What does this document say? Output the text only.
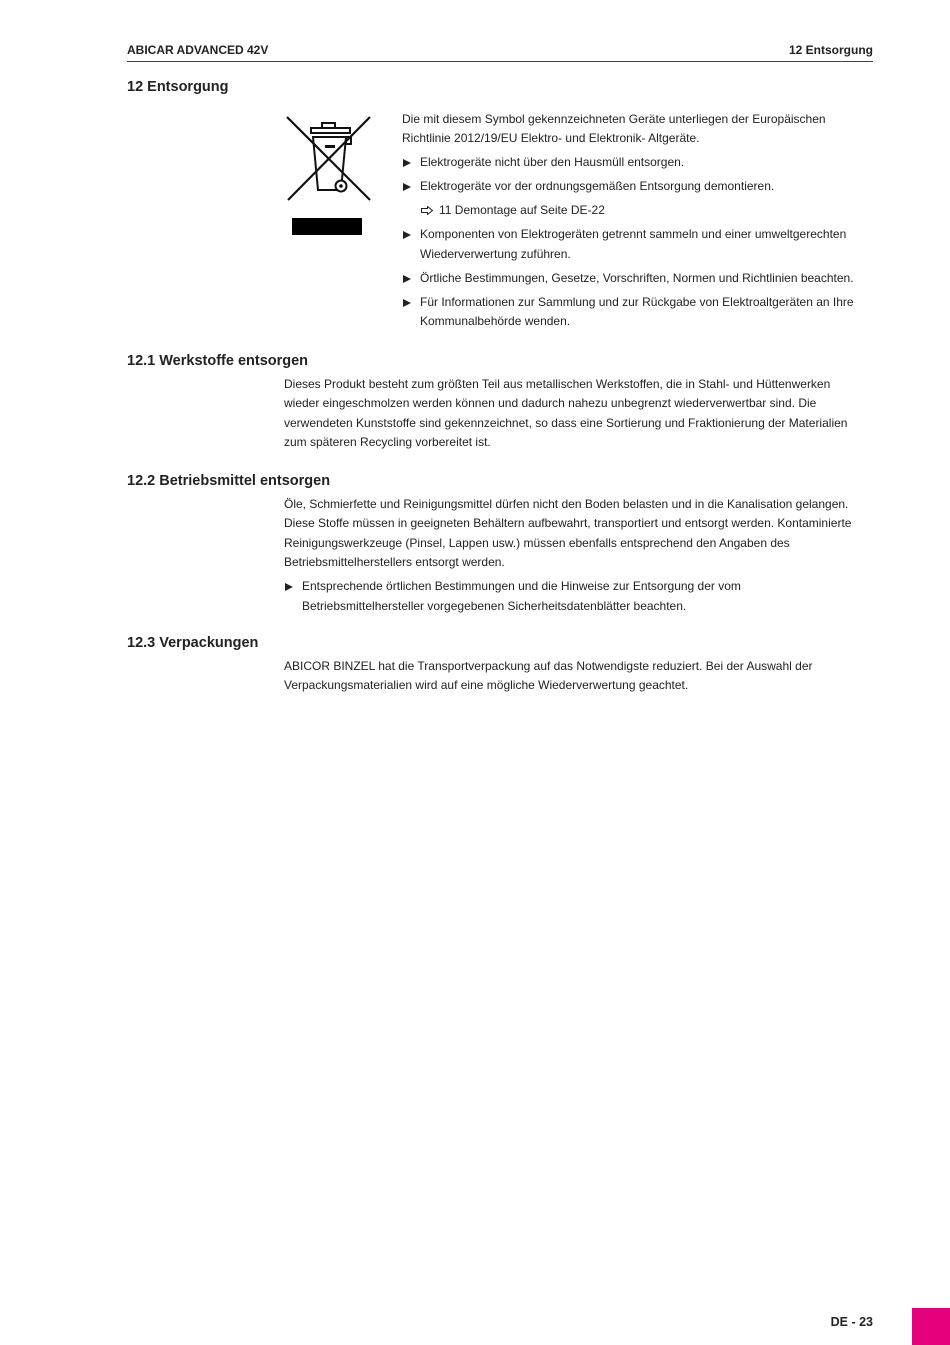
ABICAR ADVANCED 42V	12 Entsorgung
12 Entsorgung
Die mit diesem Symbol gekennzeichneten Geräte unterliegen der Europäischen
Richtlinie 2012/19/EU Elektro- und Elektronik- Altgeräte.
Elektrogeräte nicht über den Hausmüll entsorgen.
Elektrogeräte vor der ordnungsgemäßen Entsorgung demontieren.
11 Demontage auf Seite DE-22
Komponenten von Elektrogeräten getrennt sammeln und einer umweltgerechten
Wiederverwertung zuführen.
Örtliche Bestimmungen, Gesetze, Vorschriften, Normen und Richtlinien beachten.
Für Informationen zur Sammlung und zur Rückgabe von Elektroaltgeräten an Ihre
Kommunalbehörde wenden.
12.1 Werkstoffe entsorgen
Dieses Produkt besteht zum größten Teil aus metallischen Werkstoffen, die in Stahl- und Hüttenwerken
wieder eingeschmolzen werden können und dadurch nahezu unbegrenzt wiederverwertbar sind. Die
verwendeten Kunststoffe sind gekennzeichnet, so dass eine Sortierung und Fraktionierung der Materialien
zum späteren Recycling vorbereitet ist.
12.2 Betriebsmittel entsorgen
Öle, Schmierfette und Reinigungsmittel dürfen nicht den Boden belasten und in die Kanalisation gelangen.
Diese Stoffe müssen in geeigneten Behältern aufbewahrt, transportiert und entsorgt werden. Kontaminierte
Reinigungswerkzeuge (Pinsel, Lappen usw.) müssen ebenfalls entsprechend den Angaben des
Betriebsmittelherstellers entsorgt werden.
Entsprechende örtlichen Bestimmungen und die Hinweise zur Entsorgung der vom
Betriebsmittelhersteller vorgegebenen Sicherheitsdatenblätter beachten.
12.3 Verpackungen
ABICOR BINZEL hat die Transportverpackung auf das Notwendigste reduziert. Bei der Auswahl der
Verpackungsmaterialien wird auf eine mögliche Wiederverwertung geachtet.
DE - 23
